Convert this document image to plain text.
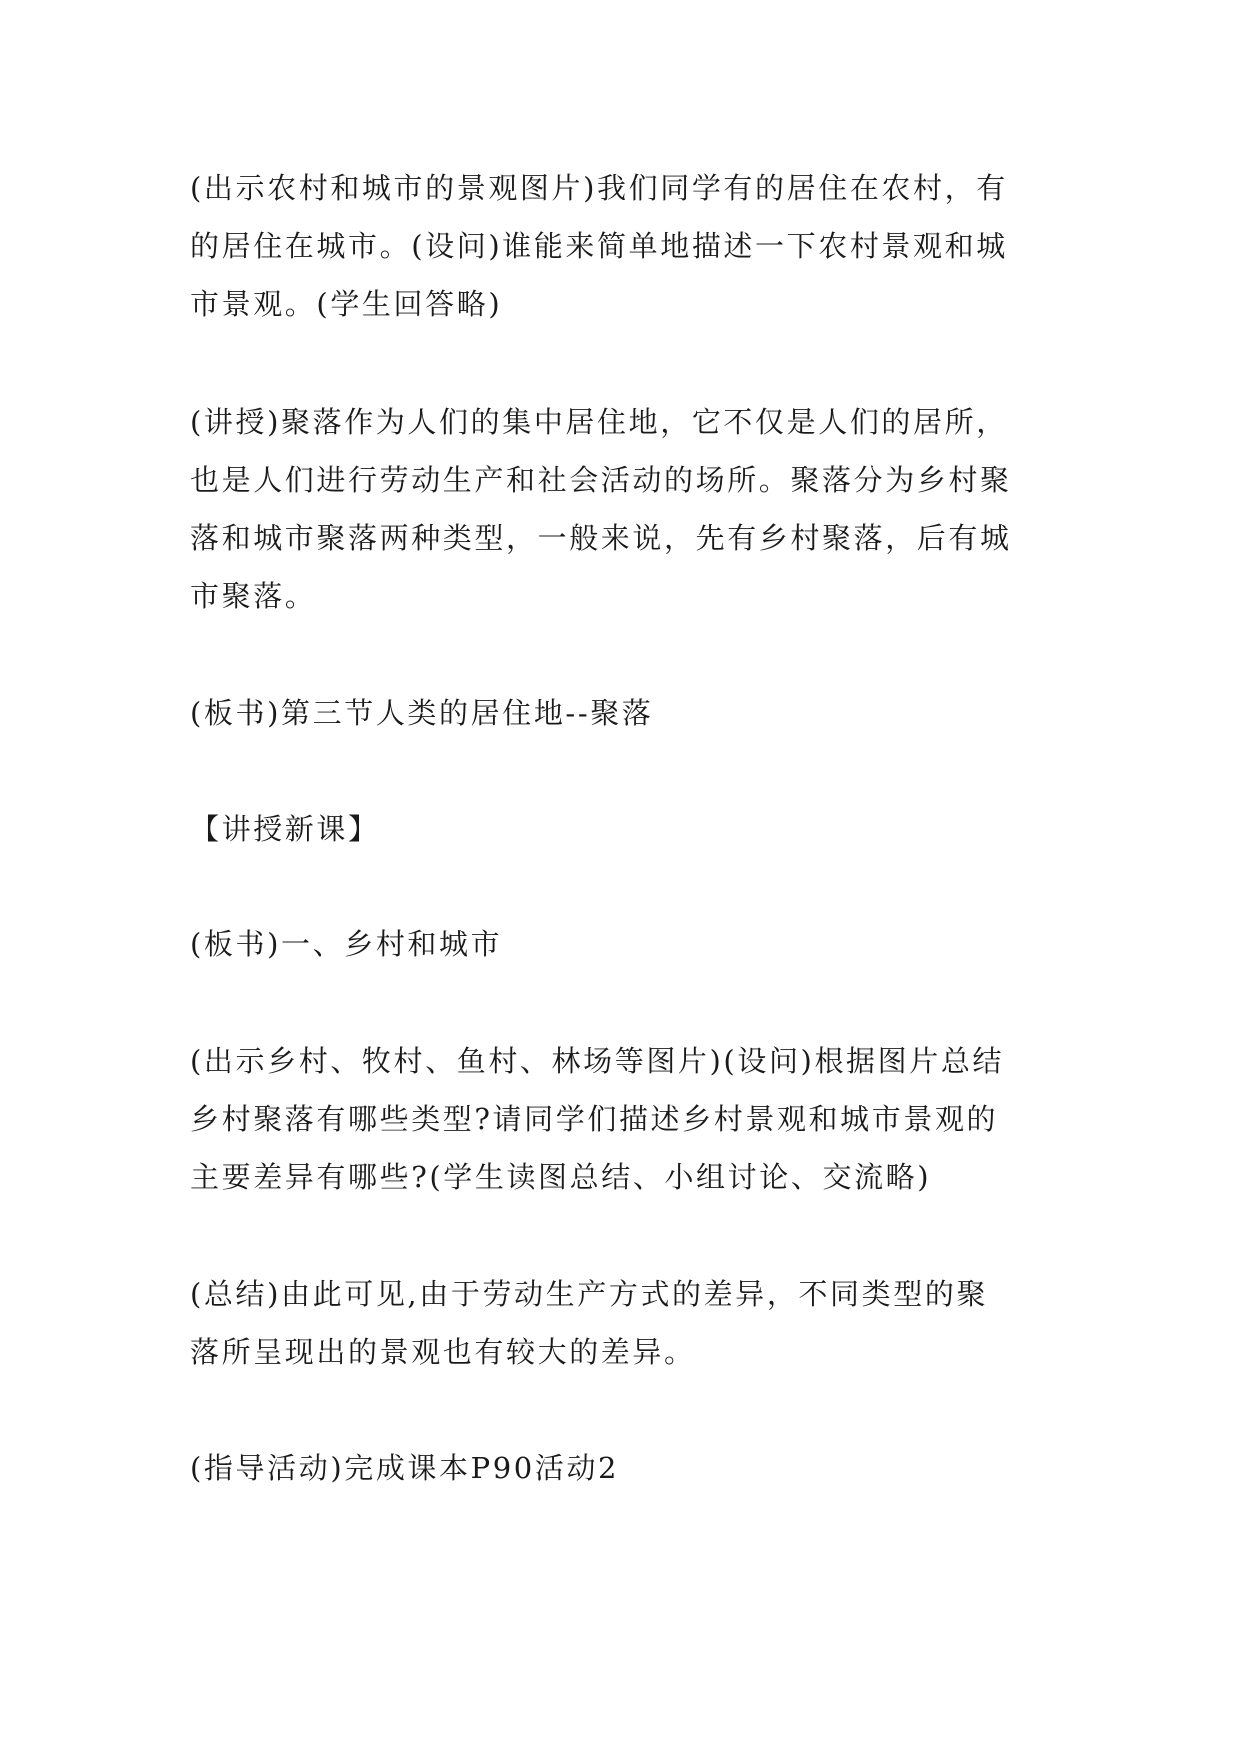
(出示农村和城市的景观图片)我们同学有的居住在农村，有
的居住在城市。(设问)谁能来简单地描述一下农村景观和城
市景观。(学生回答略)

(讲授)聚落作为人们的集中居住地，它不仅是人们的居所，
也是人们进行劳动生产和社会活动的场所。聚落分为乡村聚
落和城市聚落两种类型，一般来说，先有乡村聚落，后有城
市聚落。

(板书)第三节人类的居住地--聚落

【讲授新课】

(板书)一、乡村和城市

(出示乡村、牧村、鱼村、林场等图片)(设问)根据图片总结
乡村聚落有哪些类型?请同学们描述乡村景观和城市景观的
主要差异有哪些?(学生读图总结、小组讨论、交流略)

(总结)由此可见,由于劳动生产方式的差异，不同类型的聚
落所呈现出的景观也有较大的差异。

(指导活动)完成课本P90活动2
